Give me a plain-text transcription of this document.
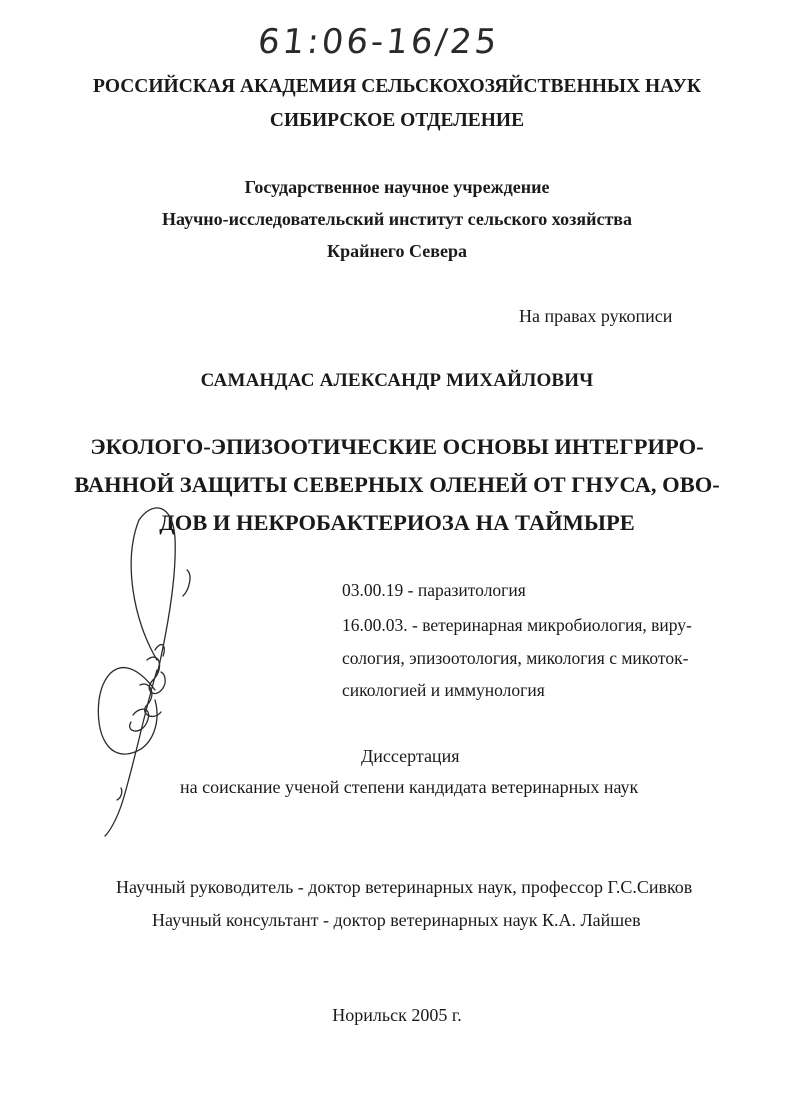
61:06-16/25
РОССИЙСКАЯ АКАДЕМИЯ СЕЛЬСКОХОЗЯЙСТВЕННЫХ НАУК
СИБИРСКОЕ ОТДЕЛЕНИЕ
Государственное научное учреждение
Научно-исследовательский институт сельского хозяйства
Крайнего Севера
На правах рукописи
САМАНДАС АЛЕКСАНДР МИХАЙЛОВИЧ
ЭКОЛОГО-ЭПИЗООТИЧЕСКИЕ ОСНОВЫ ИНТЕГРИРО-
ВАННОЙ ЗАЩИТЫ СЕВЕРНЫХ ОЛЕНЕЙ ОТ ГНУСА, ОВО-
ДОВ И НЕКРОБАКТЕРИОЗА НА ТАЙМЫРЕ
03.00.19 - паразитология
16.00.03. - ветеринарная микробиология, виру-
сология, эпизоотология, микология с микоток-
сикологией и иммунология
Диссертация
на соискание ученой степени кандидата ветеринарных наук
Научный руководитель - доктор ветеринарных наук, профессор Г.С.Сивков
Научный консультант - доктор ветеринарных наук К.А. Лайшев
Норильск 2005 г.
